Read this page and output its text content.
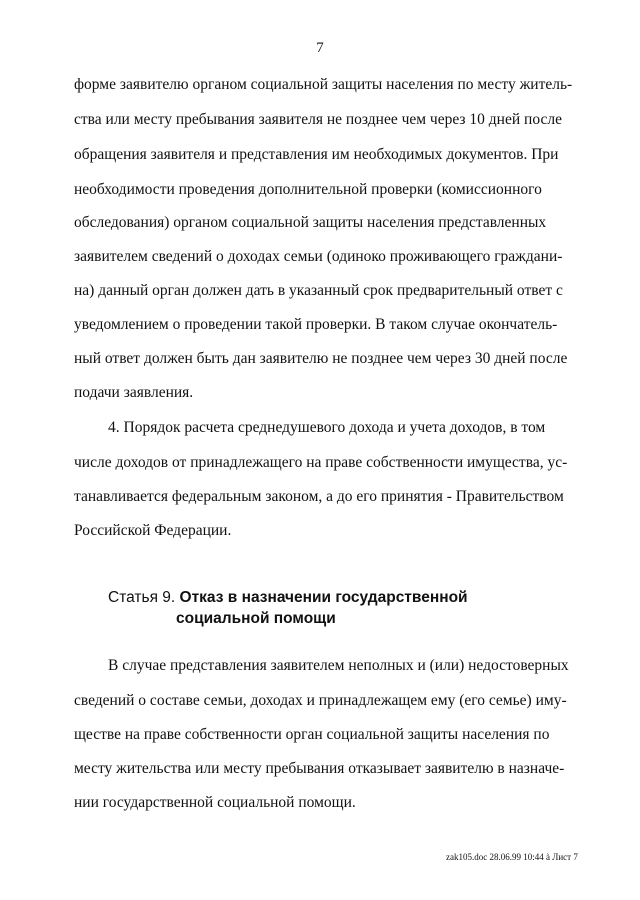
7
форме заявителю органом социальной защиты населения по месту житель-
ства или месту пребывания заявителя не позднее чем через 10 дней после
обращения заявителя и представления им необходимых документов. При
необходимости проведения дополнительной проверки (комиссионного
обследования) органом социальной защиты населения представленных
заявителем сведений о доходах семьи (одиноко проживающего граждани-
на) данный орган должен дать в указанный срок предварительный ответ с
уведомлением о проведении такой проверки. В таком случае окончатель-
ный ответ должен быть дан заявителю не позднее чем через 30 дней после
подачи заявления.
4. Порядок расчета среднедушевого дохода и учета доходов, в том
числе доходов от принадлежащего на праве собственности имущества, ус-
танавливается федеральным законом, а до его принятия - Правительством
Российской Федерации.
Статья 9. Отказ в назначении государственной
социальной помощи
В случае представления заявителем неполных и (или) недостоверных
сведений о составе семьи, доходах и принадлежащем ему (его семье) иму-
ществе на праве собственности орган социальной защиты населения по
месту жительства или месту пребывания отказывает заявителю в назначе-
нии государственной социальной помощи.
zak105.doc 28.06.99 10:44 à Лист 7
